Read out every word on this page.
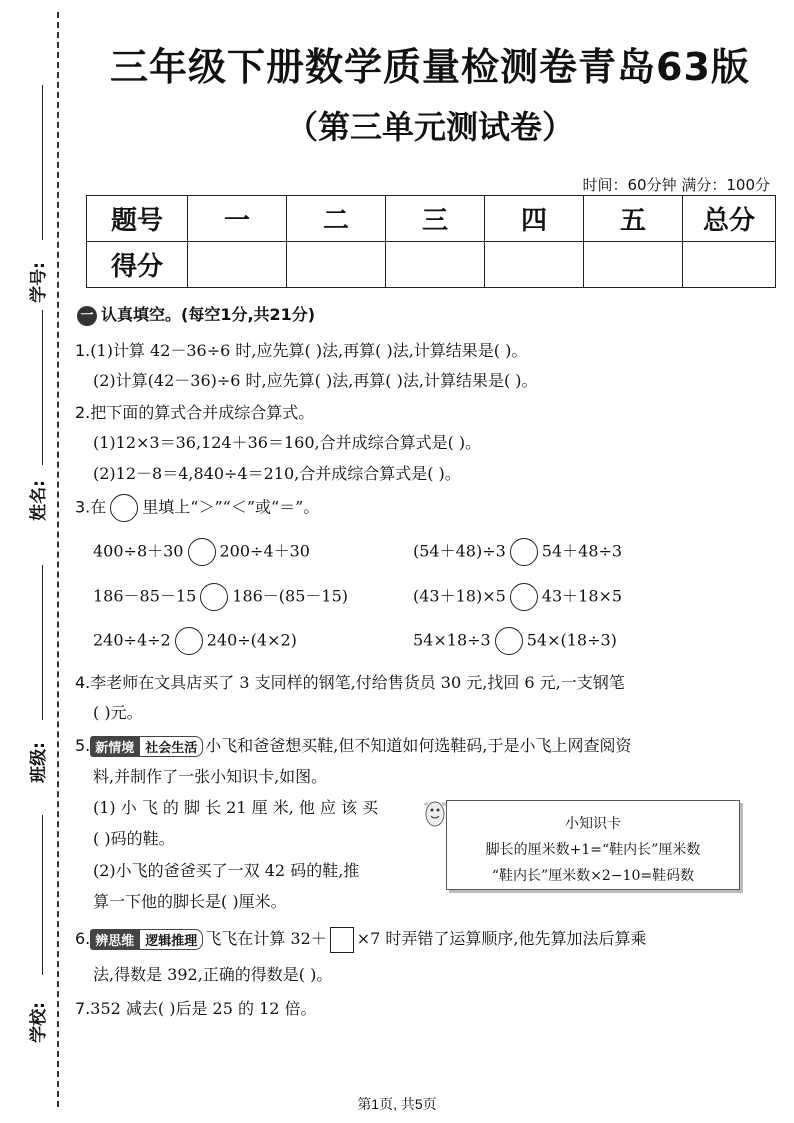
学号:
姓名:
班级:
学校:
三年级下册数学质量检测卷青岛63版
（第三单元测试卷）
时间：60分钟 满分：100分
题号	一	二	三	四	五	总分
得分						
一 认真填空。(每空1分,共21分)
1.(1)计算 42－36÷6 时,应先算( )法,再算( )法,计算结果是( )。
(2)计算(42－36)÷6 时,应先算( )法,再算( )法,计算结果是( )。
2.把下面的算式合并成综合算式。
(1)12×3＝36,124＋36＝160,合并成综合算式是( )。
(2)12－8＝4,840÷4＝210,合并成综合算式是( )。
3.在 里填上“＞”“＜”或“＝”。
400÷8＋30 200÷4＋30	(54＋48)÷3 54＋48÷3
186－85－15 186－(85－15)	(43＋18)×5 43＋18×5
240÷4÷2 240÷(4×2)	54×18÷3 54×(18÷3)
4.李老师在文具店买了 3 支同样的钢笔,付给售货员 30 元,找回 6 元,一支钢笔
( )元。
5. 新情境 社会生活 小飞和爸爸想买鞋,但不知道如何选鞋码,于是小飞上网查阅资
料,并制作了一张小知识卡,如图。
(1) 小 飞 的 脚 长 21 厘 米, 他 应 该 买
( )码的鞋。
(2)小飞的爸爸买了一双 42 码的鞋,推
算一下他的脚长是( )厘米。
6. 辨思维 逻辑推理 飞飞在计算 32＋ ×7 时弄错了运算顺序,他先算加法后算乘
法,得数是 392,正确的得数是( )。
7.352 减去( )后是 25 的 12 倍。
小知识卡
脚长的厘米数+1=“鞋内长”厘米数
“鞋内长”厘米数×2−10=鞋码数
第1页, 共5页
